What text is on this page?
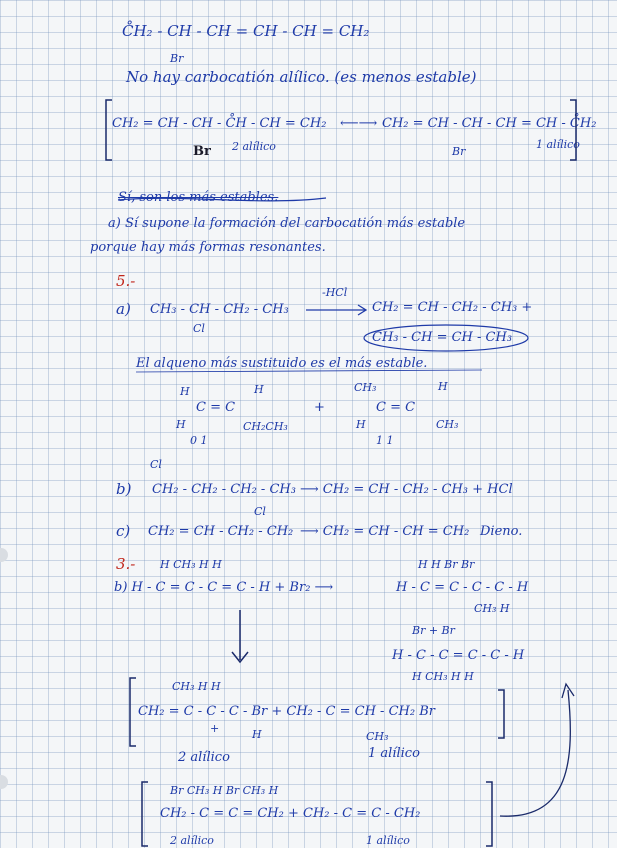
C̊H₂ - CH - CH = CH - CH = CH₂
Br
No hay carbocatión alílico. (es menos estable)
CH₂ = CH - CH - C̊H - CH = CH₂
Br 2 alílico
⟵⟶ CH₂ = CH - CH - CH = CH - C̊H₂
Br
1 alílico
Sí, son los más estables.
a) Sí supone la formación del carbocatión más estable
porque hay más formas resonantes.
5.-
a) CH₃ - CH - CH₂ - CH₃
Cl
-HCl
CH₂ = CH - CH₂ - CH₃ +
CH₃ - CH = CH - CH₃
El alqueno más sustituido es el más estable.
H	H
C = C
H	CH₂CH₃
0 1
+
CH₃	H
C = C
H	CH₃
1 1
Cl
b) CH₂ - CH₂ - CH₂ - CH₃ ⟶ CH₂ = CH - CH₂ - CH₃ + HCl
Cl
c) CH₂ = CH - CH₂ - CH₂ ⟶ CH₂ = CH - CH = CH₂ Dieno.
3.- H CH₃ H H
b) H - C = C - C = C - H + Br₂ ⟶
H H Br Br
H - C = C - C - C - H
CH₃ H
Br + Br
H - C - C = C - C - H
H CH₃ H H
CH₃ H H
CH₂ = C - C - C - Br + CH₂ - C = CH - CH₂ Br
+	H	CH₃
2 alílico	1 alílico
Br CH₃ H Br CH₃ H
CH₂ - C = C = CH₂ + CH₂ - C = C - CH₂
2 alílico	1 alílico
